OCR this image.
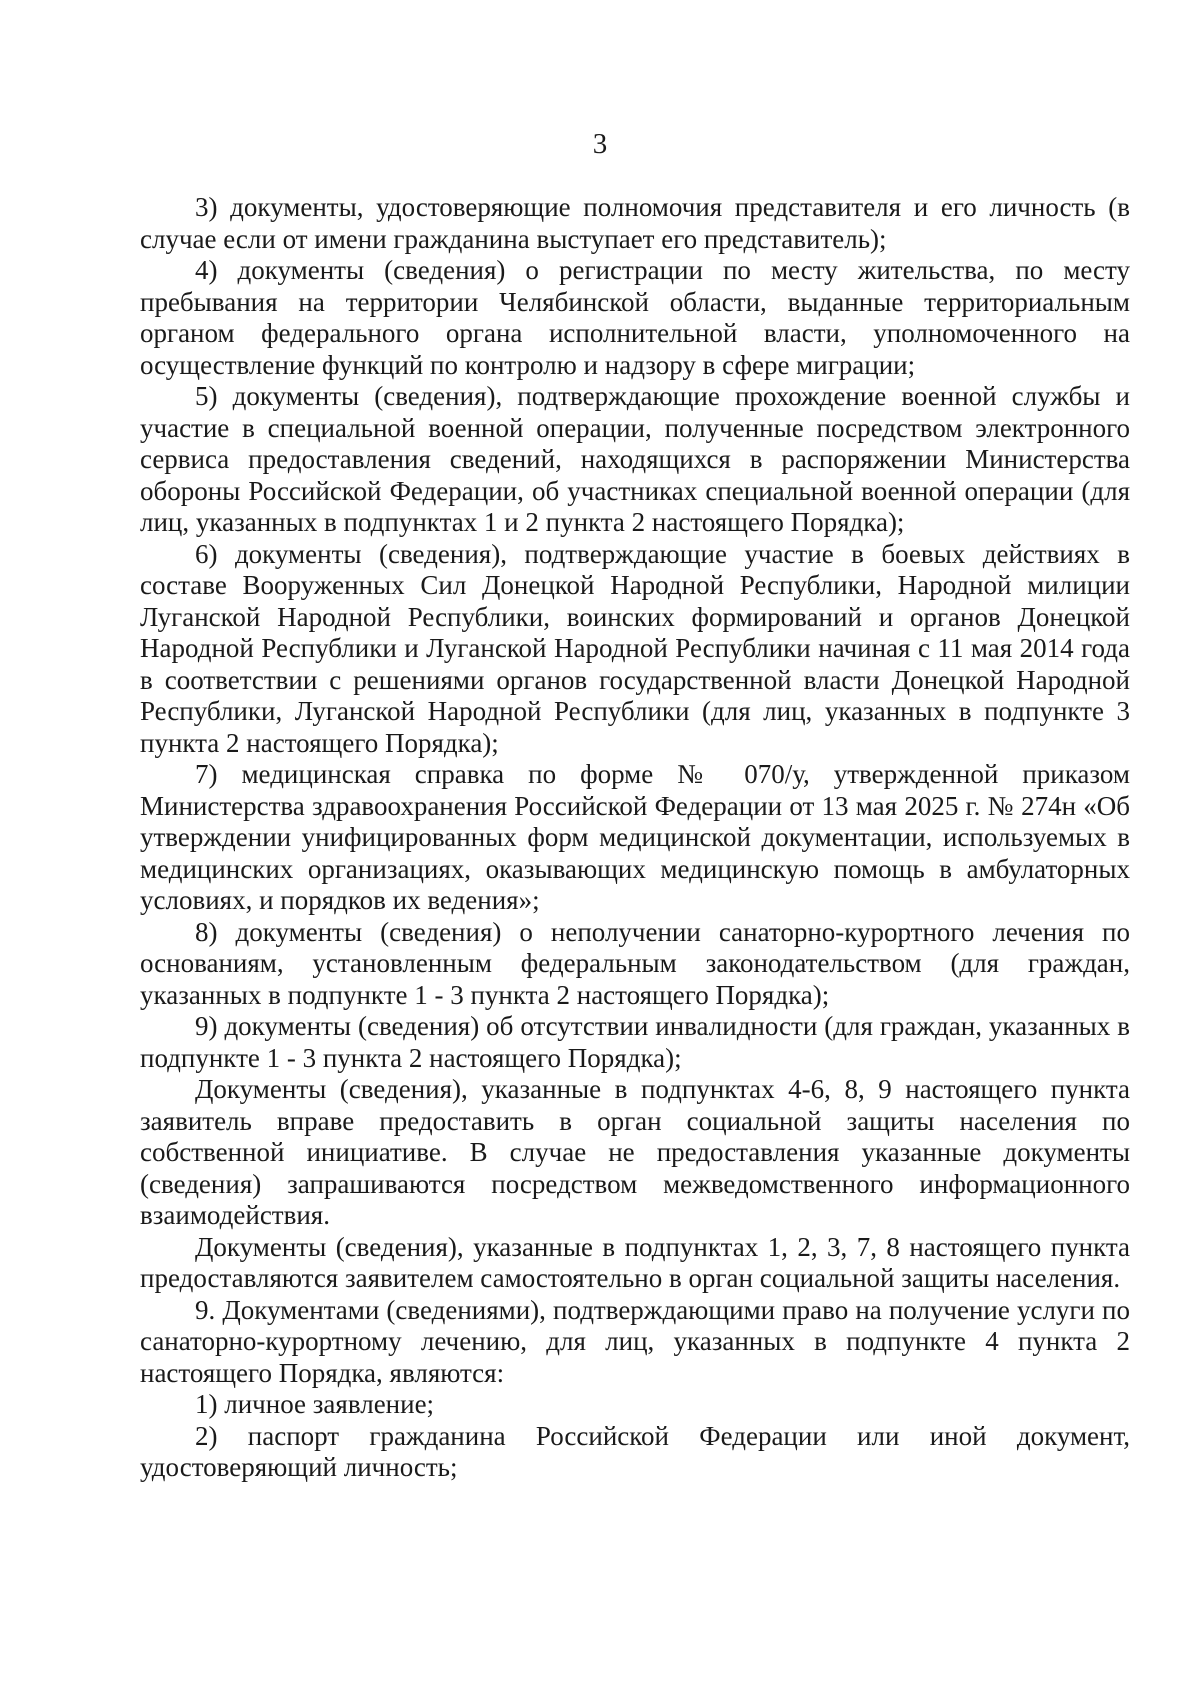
3

3) документы, удостоверяющие полномочия представителя и его личность (в случае если от имени гражданина выступает его представитель);

4) документы (сведения) о регистрации по месту жительства, по месту пребывания на территории Челябинской области, выданные территориальным органом федерального органа исполнительной власти, уполномоченного на осуществление функций по контролю и надзору в сфере миграции;

5) документы (сведения), подтверждающие прохождение военной службы и участие в специальной военной операции, полученные посредством электронного сервиса предоставления сведений, находящихся в распоряжении Министерства обороны Российской Федерации, об участниках специальной военной операции (для лиц, указанных в подпунктах 1 и 2 пункта 2 настоящего Порядка);

6) документы (сведения), подтверждающие участие в боевых действиях в составе Вооруженных Сил Донецкой Народной Республики, Народной милиции Луганской Народной Республики, воинских формирований и органов Донецкой Народной Республики и Луганской Народной Республики начиная с 11 мая 2014 года в соответствии с решениями органов государственной власти Донецкой Народной Республики, Луганской Народной Республики (для лиц, указанных в подпункте 3 пункта 2 настоящего Порядка);

7) медицинская справка по форме № 070/у, утвержденной приказом Министерства здравоохранения Российской Федерации от 13 мая 2025 г. № 274н «Об утверждении унифицированных форм медицинской документации, используемых в медицинских организациях, оказывающих медицинскую помощь в амбулаторных условиях, и порядков их ведения»;

8) документы (сведения) о неполучении санаторно-курортного лечения по основаниям, установленным федеральным законодательством (для граждан, указанных в подпункте 1 - 3 пункта 2 настоящего Порядка);

9) документы (сведения) об отсутствии инвалидности (для граждан, указанных в подпункте 1 - 3 пункта 2 настоящего Порядка);

Документы (сведения), указанные в подпунктах 4-6, 8, 9 настоящего пункта заявитель вправе предоставить в орган социальной защиты населения по собственной инициативе. В случае не предоставления указанные документы (сведения) запрашиваются посредством межведомственного информационного взаимодействия.

Документы (сведения), указанные в подпунктах 1, 2, 3, 7, 8 настоящего пункта предоставляются заявителем самостоятельно в орган социальной защиты населения.

9. Документами (сведениями), подтверждающими право на получение услуги по санаторно-курортному лечению, для лиц, указанных в подпункте 4 пункта 2 настоящего Порядка, являются:

1) личное заявление;

2) паспорт гражданина Российской Федерации или иной документ, удостоверяющий личность;
